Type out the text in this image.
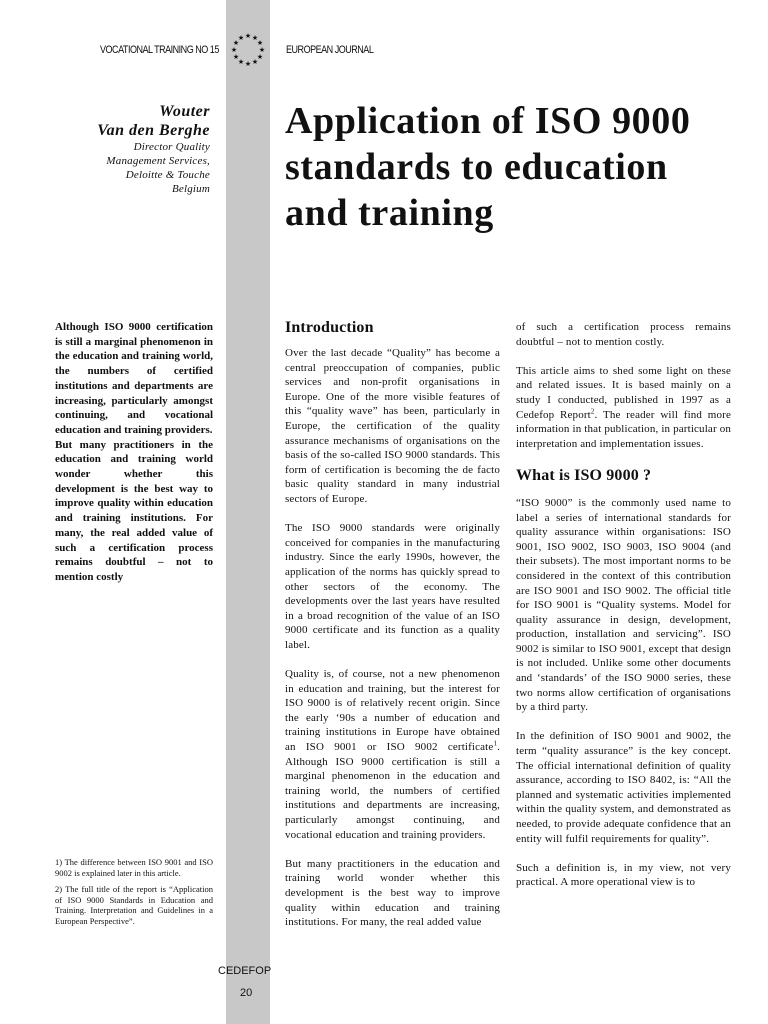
VOCATIONAL TRAINING NO 15	EUROPEAN JOURNAL
★ ★
★
★
★
★
★
★
★
★
★
★
Wouter
Van den Berghe
Director Quality
Management Services,
Deloitte & Touche
Belgium
Application of ISO 9000
standards to education
and training

Although ISO 9000 certification is still a marginal phenomenon in the education and training world, the numbers of certified institutions and departments are increasing, particularly amongst continuing, and vocational education and training providers.

But many practitioners in the education and training world wonder whether this development is the best way to improve quality within education and training institutions. For many, the real added value of such a certification process remains doubtful – not to mention costly

1) The difference between ISO 9001 and ISO 9002 is explained later in this article.

2) The full title of the report is “Application of ISO 9000 Standards in Education and Training. Interpretation and Guidelines in a European Perspective”.

Introduction

Over the last decade “Quality” has become a central preoccupation of companies, public services and non-profit organisations in Europe. One of the more visible features of this “quality wave” has been, particularly in Europe, the certification of the quality assurance mechanisms of organisations on the basis of the so-called ISO 9000 standards. This form of certification is becoming the de facto basic quality standard in many industrial sectors of Europe.

The ISO 9000 standards were originally conceived for companies in the manufacturing industry. Since the early 1990s, however, the application of the norms has quickly spread to other sectors of the economy. The developments over the last years have resulted in a broad recognition of the value of an ISO 9000 certificate and its function as a quality label.

Quality is, of course, not a new phenomenon in education and training, but the interest for ISO 9000 is of relatively recent origin. Since the early ‘90s a number of education and training institutions in Europe have obtained an ISO 9001 or ISO 9002 certificate$^1$. Although ISO 9000 certification is still a marginal phenomenon in the education and training world, the numbers of certified institutions and departments are increasing, particularly amongst continuing, and vocational education and training providers.

But many practitioners in the education and training world wonder whether this development is the best way to improve quality within education and training institutions. For many, the real added value

of such a certification process remains doubtful – not to mention costly.

This article aims to shed some light on these and related issues. It is based mainly on a study I conducted, published in 1997 as a Cedefop Report$^2$. The reader will find more information in that publication, in particular on interpretation and implementation issues.

What is ISO 9000 ?

“ISO 9000” is the commonly used name to label a series of international standards for quality assurance within organisations: ISO 9001, ISO 9002, ISO 9003, ISO 9004 (and their subsets). The most important norms to be considered in the context of this contribution are ISO 9001 and ISO 9002. The official title for ISO 9001 is “Quality systems. Model for quality assurance in design, development, production, installation and servicing”. ISO 9002 is similar to ISO 9001, except that design is not included. Unlike some other documents and ‘standards’ of the ISO 9000 series, these two norms allow certification of organisations by a third party.

In the definition of ISO 9001 and 9002, the term “quality assurance” is the key concept. The official international definition of quality assurance, according to ISO 8402, is: “All the planned and systematic activities implemented within the quality system, and demonstrated as needed, to provide adequate confidence that an entity will fulfil requirements for quality”.

Such a definition is, in my view, not very practical. A more operational view is to

CEDEFOP
20
